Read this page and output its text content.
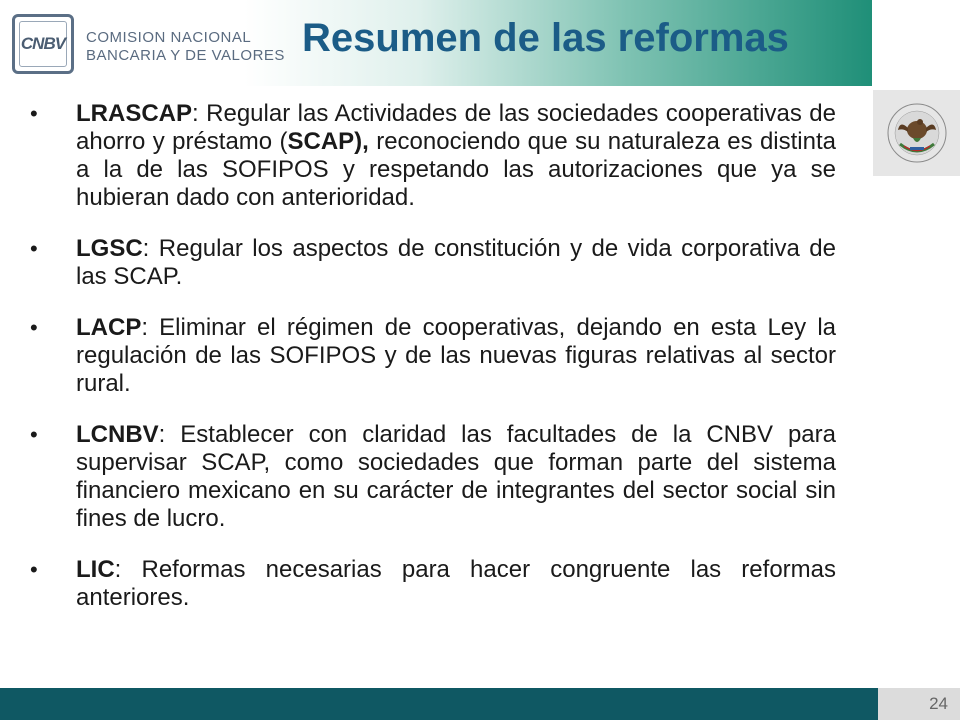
CNBV	COMISION NACIONAL
BANCARIA Y DE VALORES Resumen de las reformas
• LRASCAP: Regular las Actividades de las sociedades cooperativas de ahorro y préstamo (SCAP), reconociendo que su naturaleza es distinta a la de las SOFIPOS y respetando las autorizaciones que ya se hubieran dado con anterioridad.
• LGSC: Regular los aspectos de constitución y de vida corporativa de las SCAP.
• LACP: Eliminar el régimen de cooperativas, dejando en esta Ley la regulación de las SOFIPOS y de las nuevas figuras relativas al sector rural.
• LCNBV: Establecer con claridad las facultades de la CNBV para supervisar SCAP, como sociedades que forman parte del sistema financiero mexicano en su carácter de integrantes del sector social sin fines de lucro.
• LIC: Reformas necesarias para hacer congruente las reformas anteriores.
24
